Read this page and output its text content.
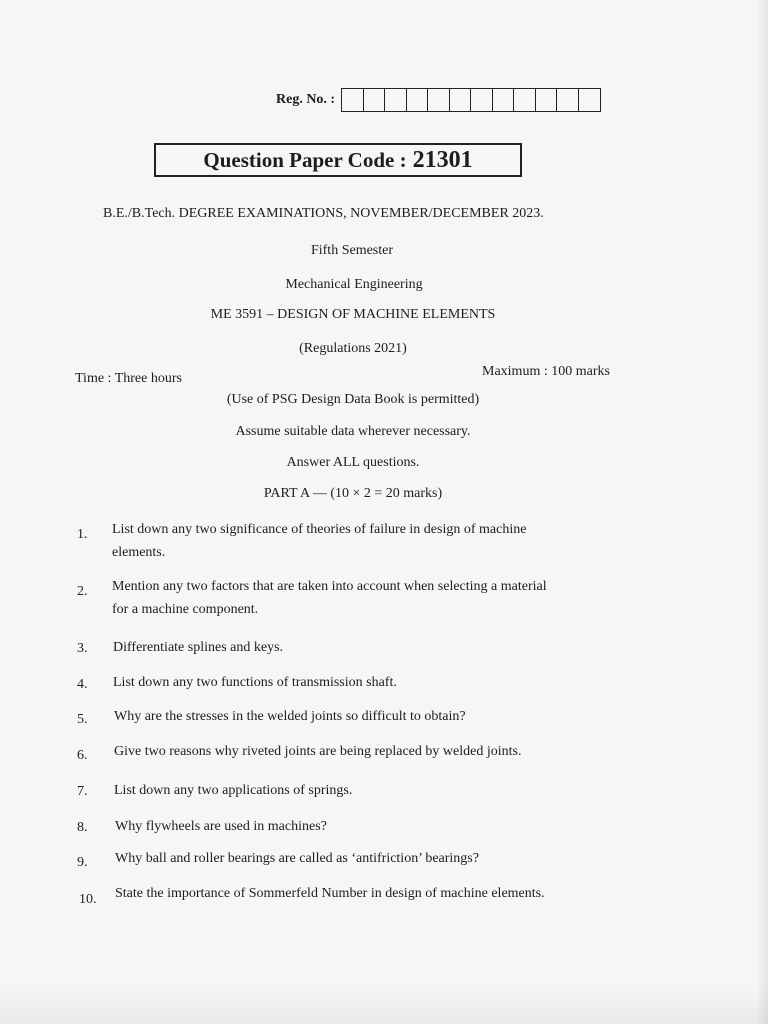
Reg. No. :
Question Paper Code : 21301
B.E./B.Tech. DEGREE EXAMINATIONS, NOVEMBER/DECEMBER 2023.
Fifth Semester
Mechanical Engineering
ME 3591 – DESIGN OF MACHINE ELEMENTS
(Regulations 2021)
Time : Three hours	Maximum : 100 marks
(Use of PSG Design Data Book is permitted)
Assume suitable data wherever necessary.
Answer ALL questions.
PART A — (10 × 2 = 20 marks)
1. List down any two significance of theories of failure in design of machine
elements.
2. Mention any two factors that are taken into account when selecting a material
for a machine component.
3. Differentiate splines and keys.
4. List down any two functions of transmission shaft.
5. Why are the stresses in the welded joints so difficult to obtain?
6. Give two reasons why riveted joints are being replaced by welded joints.
7. List down any two applications of springs.
8. Why flywheels are used in machines?
9. Why ball and roller bearings are called as ‘antifriction’ bearings?
10. State the importance of Sommerfeld Number in design of machine elements.
